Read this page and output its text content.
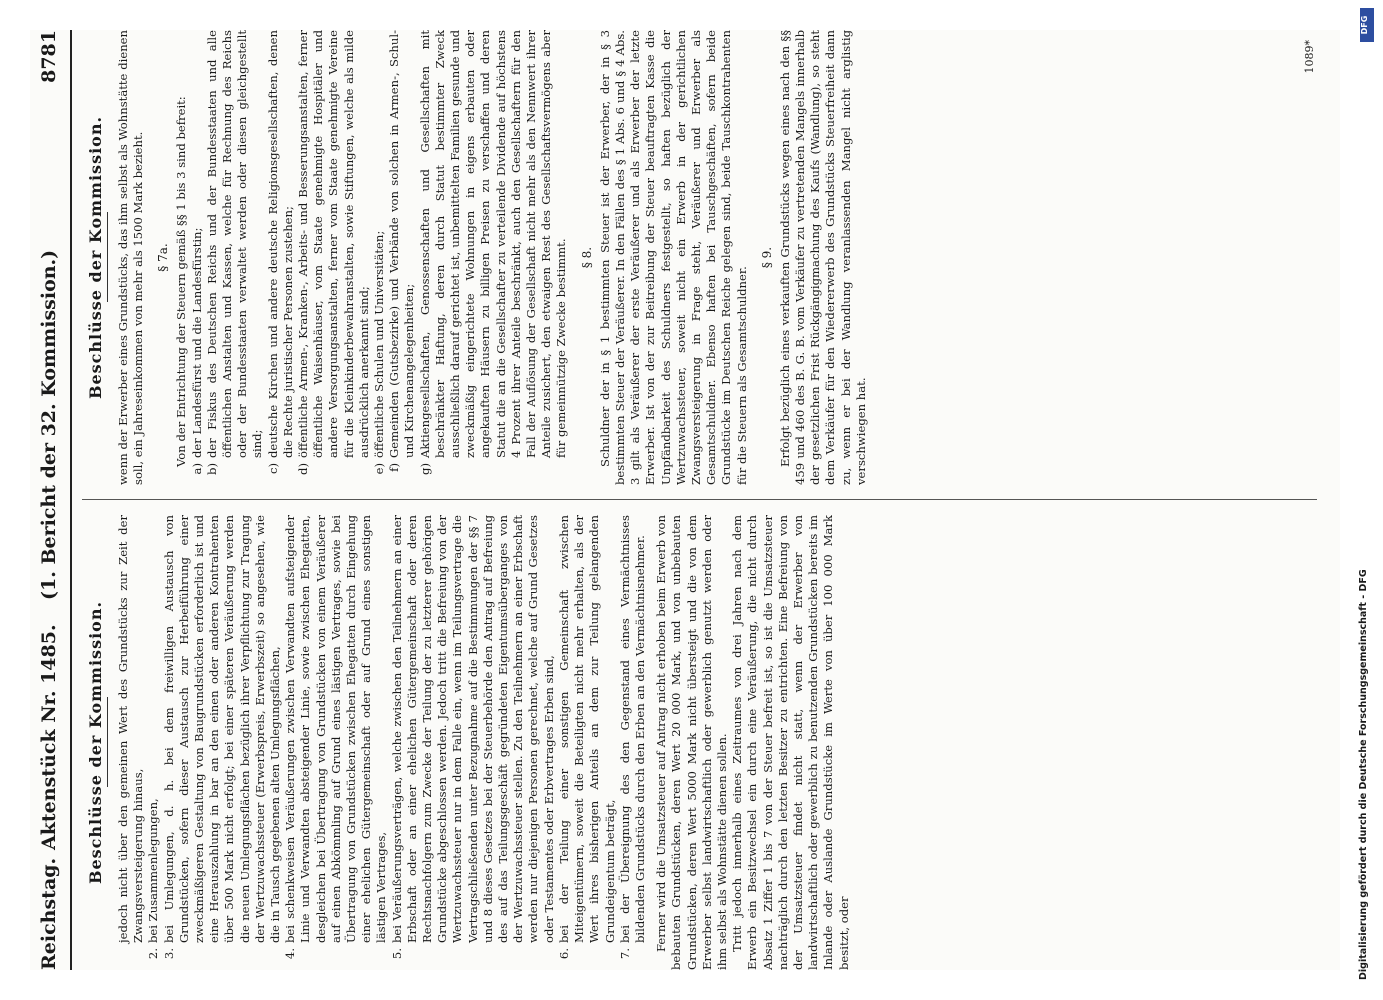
Reichstag.
Aktenstück Nr. 1485.
(1. Bericht der 32. Kommission.)
8781
Beschlüsse der Kommission. jedoch nicht über den gemeinen Wert des Grundstücks zur Zeit der Zwangsversteigerung hinaus,
2.
bei Zusammenlegungen,
3.
bei Umlegungen, d. h. bei dem freiwilligen Austausch von Grundstücken, sofern dieser Austausch zur Herbeiführung einer zweckmäßigeren Gestaltung von Baugrundstücken erforderlich ist und eine Herauszahlung in bar an den einen oder anderen Kontrahenten über 500 Mark nicht erfolgt; bei einer späteren Veräußerung werden die neuen Umlegungsflächen bezüglich ihrer Verpflichtung zur Tragung der Wertzuwachssteuer (Erwerbspreis, Erwerbszeit) so angesehen, wie die in Tausch gegebenen alten Umlegungsflächen,
4.
bei schenkweisen Veräußerungen zwischen Verwandten aufsteigender Linie und Verwandten absteigender Linie, sowie zwischen Ehegatten, desgleichen bei Übertragung von Grundstücken von einem Veräußerer auf einen Abkömmling auf Grund eines lästigen Vertrages, sowie bei Übertragung von Grundstücken zwischen Ehegatten durch Eingehung einer ehelichen Gütergemeinschaft oder auf Grund eines sonstigen lästigen Vertrages,
5.
bei Veräußerungsverträgen, welche zwischen den Teilnehmern an einer Erbschaft oder an einer ehelichen Gütergemeinschaft oder deren Rechtsnachfolgern zum Zwecke der Teilung der zu letzterer gehörigen Grundstücke abgeschlossen werden. Jedoch tritt die Befreiung von der Wertzuwachssteuer nur in dem Falle ein, wenn im Teilungsvertrage die Vertragschließenden unter Bezugnahme auf die Bestimmungen der §§ 7 und 8 dieses Gesetzes bei der Steuerbehörde den Antrag auf Befreiung des auf das Teilungsgeschäft gegründeten Eigentumsüberganges von der Wertzuwachssteuer stellen. Zu den Teilnehmern an einer Erbschaft werden nur diejenigen Personen gerechnet, welche auf Grund Gesetzes oder Testamentes oder Erbvertrages Erben sind,
6.
bei der Teilung einer sonstigen Gemeinschaft zwischen Miteigentümern, soweit die Beteiligten nicht mehr erhalten, als der Wert ihres bisherigen Anteils an dem zur Teilung gelangenden Grundeigentum beträgt,
7.
bei der Übereignung des den Gegenstand eines Vermächtnisses bildenden Grundstücks durch den Erben an den Vermächtnisnehmer. Ferner wird die Umsatzsteuer auf Antrag nicht erhoben beim Erwerb von bebauten Grundstücken, deren Wert 20 000 Mark, und von unbebauten Grundstücken, deren Wert 5000 Mark nicht übersteigt und die von dem Erwerber selbst landwirtschaftlich oder gewerblich genutzt werden oder ihm selbst als Wohnstätte dienen sollen. Tritt jedoch innerhalb eines Zeitraumes von drei Jahren nach dem Erwerb ein Besitzwechsel ein durch eine Veräußerung, die nicht durch Absatz 1 Ziffer 1 bis 7 von der Steuer befreit ist, so ist die Umsatzsteuer nachträglich durch den letzten Besitzer zu entrichten. Eine Befreiung von der Umsatzsteuer findet nicht statt, wenn der Erwerber von landwirtschaftlich oder gewerblich zu benutzenden Grundstücken bereits im Inlande oder Auslande Grundstücke im Werte von über 100 000 Mark besitzt, oder

Beschlüsse der Kommission. wenn der Erwerber eines Grundstücks, das ihm selbst als Wohnstätte dienen soll, ein Jahreseinkommen von mehr als 1500 Mark bezieht. § 7a. Von der Entrichtung der Steuern gemäß §§ 1 bis 3 sind befreit:

a)
der Landesfürst und die Landesfürstin;
b)
der Fiskus des Deutschen Reichs und der Bundesstaaten und alle öffentlichen Anstalten und Kassen, welche für Rechnung des Reichs oder der Bundesstaaten verwaltet werden oder diesen gleichgestellt sind;
c)
deutsche Kirchen und andere deutsche Religionsgesellschaften, denen die Rechte juristischer Personen zustehen;
d)
öffentliche Armen-, Kranken-, Arbeits- und Besserungsanstalten, ferner öffentliche Waisenhäuser, vom Staate genehmigte Hospitäler und andere Versorgungsanstalten, ferner vom Staate genehmigte Vereine für die Kleinkinderbewahranstalten, sowie Stiftungen, welche als milde ausdrücklich anerkannt sind;
e)
öffentliche Schulen und Universitäten;
f)
Gemeinden (Gutsbezirke) und Verbände von solchen in Armen-, Schul- und Kirchenangelegenheiten;
g)
Aktiengesellschaften, Genossenschaften und Gesellschaften mit beschränkter Haftung, deren durch Statut bestimmter Zweck ausschließlich darauf gerichtet ist, unbemittelten Familien gesunde und zweckmäßig eingerichtete Wohnungen in eigens erbauten oder angekauften Häusern zu billigen Preisen zu verschaffen und deren Statut die an die Gesellschafter zu verteilende Dividende auf höchstens 4 Prozent ihrer Anteile beschränkt, auch den Gesellschaftern für den Fall der Auflösung der Gesellschaft nicht mehr als den Nennwert ihrer Anteile zusichert, den etwaigen Rest des Gesellschaftsvermögens aber für gemeinnützige Zwecke bestimmt. § 8. Schuldner der in § 1 bestimmten Steuer ist der Erwerber, der in § 3 bestimmten Steuer der Veräußerer. In den Fällen des § 1 Abs. 6 und § 4 Abs. 3 gilt als Veräußerer der erste Veräußerer und als Erwerber der letzte Erwerber. Ist von der zur Beitreibung der Steuer beauftragten Kasse die Unpfändbarkeit des Schuldners festgestellt, so haften bezüglich der Wertzuwachssteuer, soweit nicht ein Erwerb in der gerichtlichen Zwangsversteigerung in Frage steht, Veräußerer und Erwerber als Gesamtschuldner. Ebenso haften bei Tauschgeschäften, sofern beide Grundstücke im Deutschen Reiche gelegen sind, beide Tauschkontrahenten für die Steuern als Gesamtschuldner.

§ 9. Erfolgt bezüglich eines verkauften Grundstücks wegen eines nach den §§ 459 und 460 des B. G. B. vom Verkäufer zu vertretenden Mangels innerhalb der gesetzlichen Frist Rückgängigmachung des Kaufs (Wandlung), so steht dem Verkäufer für den Wiedererwerb des Grundstücks Steuerfreiheit dann zu, wenn er bei der Wandlung veranlassenden Mangel nicht arglistig verschwiegen hat.

1089*
Digitalisierung gefördert durch die Deutsche Forschungsgemeinschaft - DFG
DFG
